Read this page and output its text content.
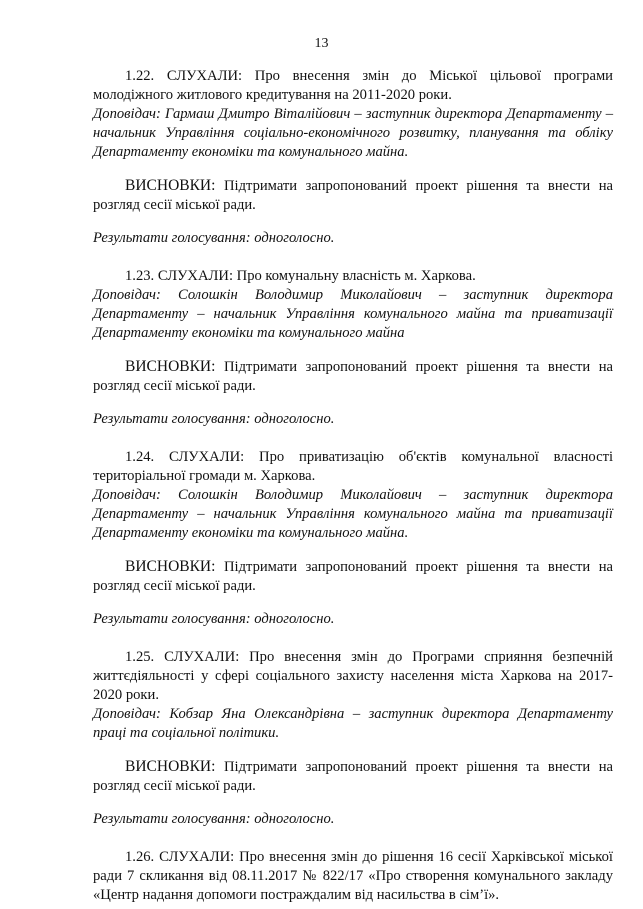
13
1.22. СЛУХАЛИ: Про внесення змін до Міської цільової програми молодіжного житлового кредитування на 2011-2020 роки.
Доповідач: Гармаш Дмитро Віталійович – заступник директора Департаменту – начальник Управління соціально-економічного розвитку, планування та обліку Департаменту економіки та комунального майна.
ВИСНОВКИ: Підтримати запропонований проект рішення та внести на розгляд сесії міської ради.
Результати голосування: одноголосно.
1.23. СЛУХАЛИ: Про комунальну власність м. Харкова.
Доповідач: Солошкін Володимир Миколайович – заступник директора Департаменту – начальник Управління комунального майна та приватизації Департаменту економіки та комунального майна
ВИСНОВКИ: Підтримати запропонований проект рішення та внести на розгляд сесії міської ради.
Результати голосування: одноголосно.
1.24. СЛУХАЛИ: Про приватизацію об'єктів комунальної власності територіальної громади м. Харкова.
Доповідач: Солошкін Володимир Миколайович – заступник директора Департаменту – начальник Управління комунального майна та приватизації Департаменту економіки та комунального майна.
ВИСНОВКИ: Підтримати запропонований проект рішення та внести на розгляд сесії міської ради.
Результати голосування: одноголосно.
1.25. СЛУХАЛИ: Про внесення змін до Програми сприяння безпечній життєдіяльності у сфері соціального захисту населення міста Харкова на 2017-2020 роки.
Доповідач: Кобзар Яна Олександрівна – заступник директора Департаменту праці та соціальної політики.
ВИСНОВКИ: Підтримати запропонований проект рішення та внести на розгляд сесії міської ради.
Результати голосування: одноголосно.
1.26. СЛУХАЛИ: Про внесення змін до рішення 16 сесії Харківської міської ради 7 скликання від 08.11.2017 № 822/17 «Про створення комунального закладу «Центр надання допомоги постраждалим від насильства в сім’ї».
